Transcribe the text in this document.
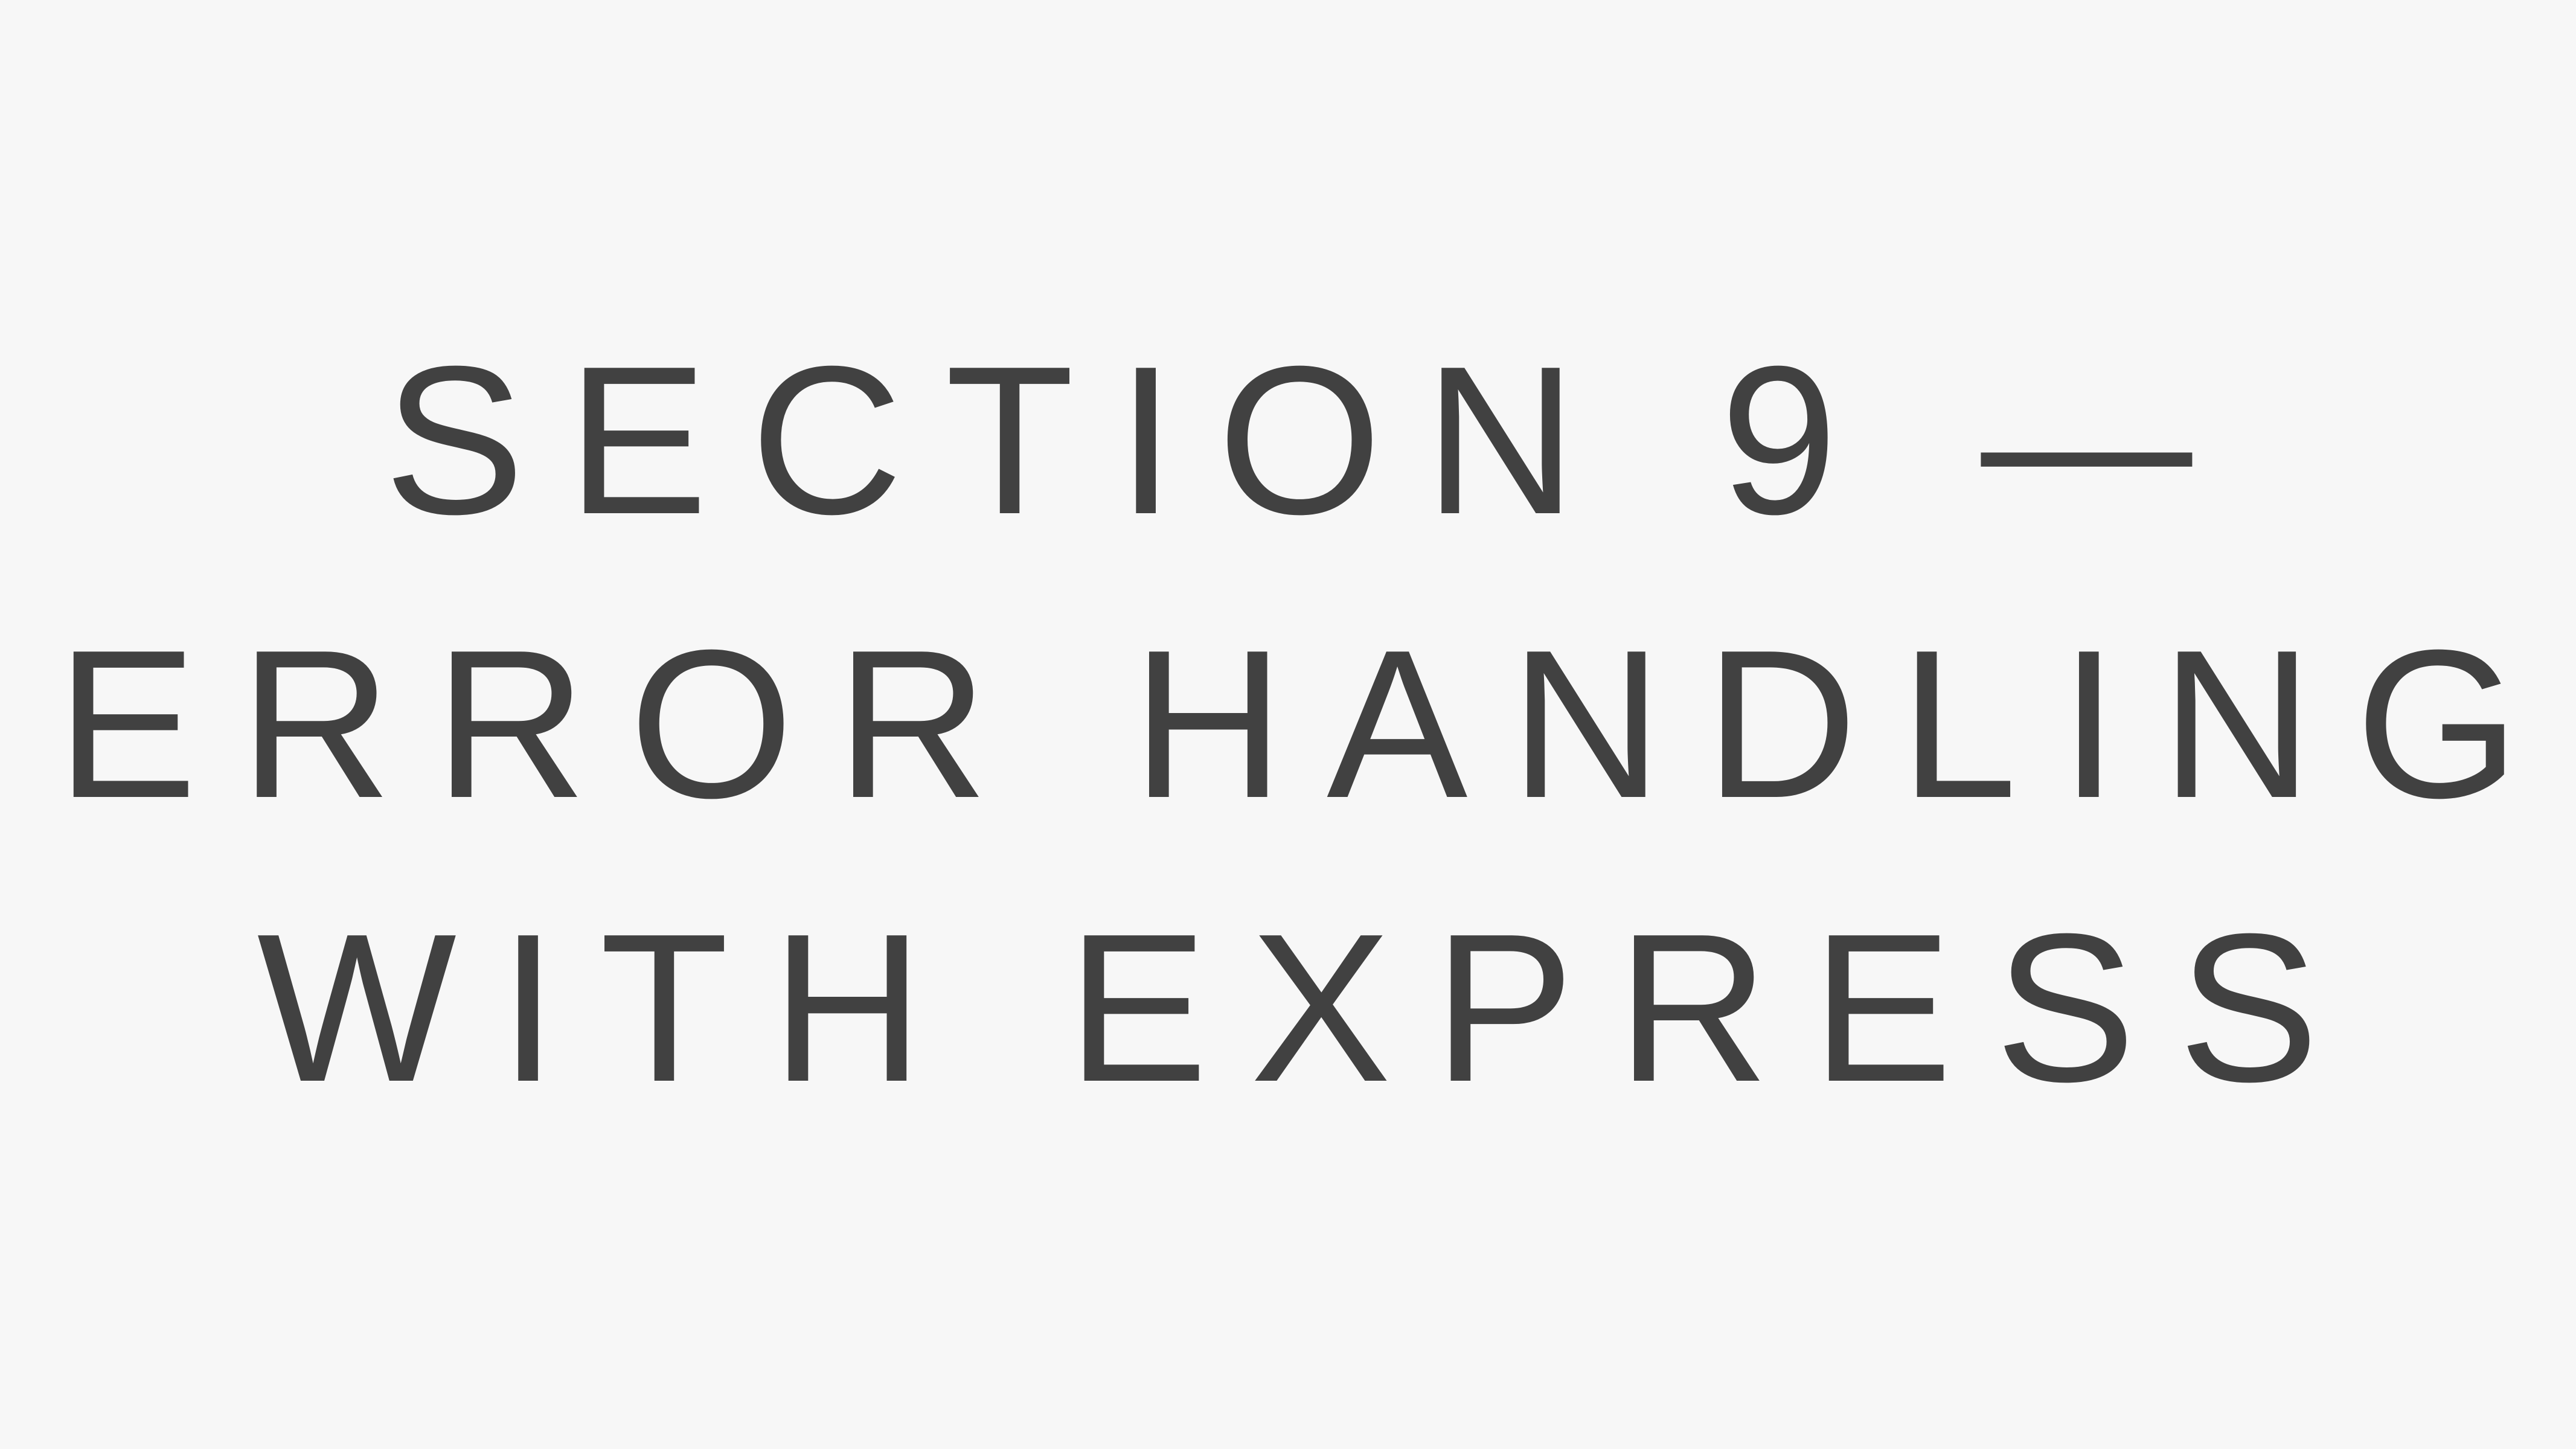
SECTION 9 —
ERROR HANDLING
WITH EXPRESS
